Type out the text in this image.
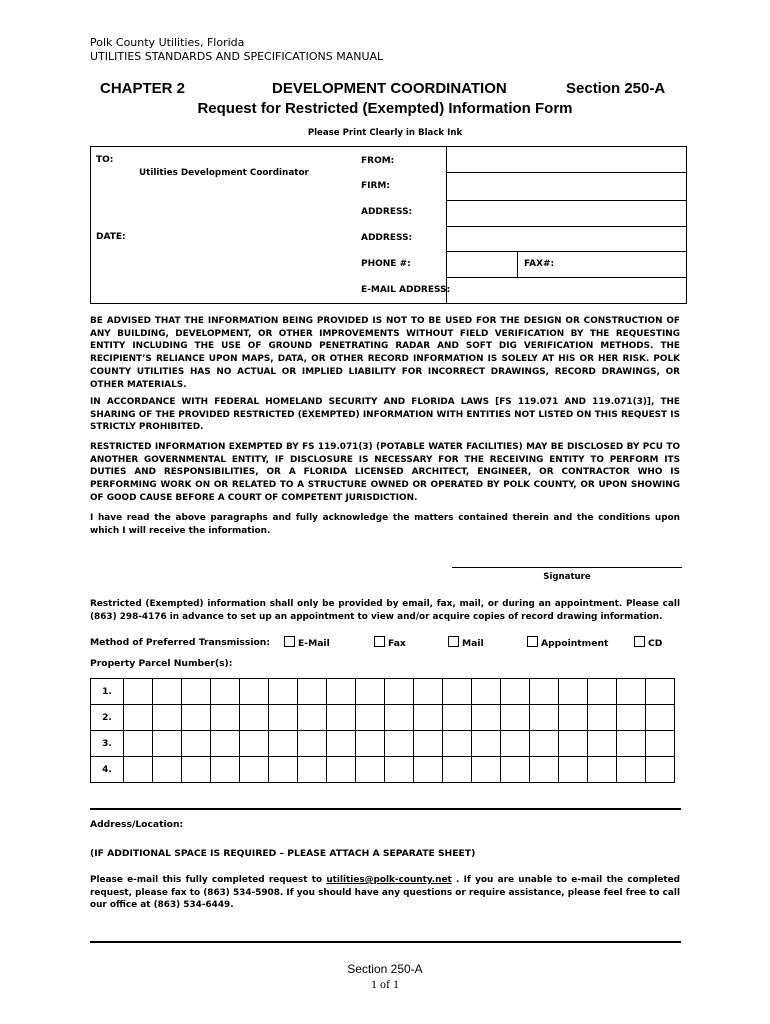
Polk County Utilities, Florida
UTILITIES STANDARDS AND SPECIFICATIONS MANUAL
CHAPTER 2	DEVELOPMENT COORDINATION	Section 250-A
Request for Restricted (Exempted) Information Form
Please Print Clearly in Black Ink
TO:
Utilities Development Coordinator
DATE:
FROM:
FIRM:
ADDRESS:
ADDRESS:
PHONE #:	FAX#:
E-MAIL ADDRESS:
BE ADVISED THAT THE INFORMATION BEING PROVIDED IS NOT TO BE USED FOR THE DESIGN OR CONSTRUCTION OF ANY BUILDING, DEVELOPMENT, OR OTHER IMPROVEMENTS WITHOUT FIELD VERIFICATION BY THE REQUESTING ENTITY INCLUDING THE USE OF GROUND PENETRATING RADAR AND SOFT DIG VERIFICATION METHODS. THE RECIPIENT’S RELIANCE UPON MAPS, DATA, OR OTHER RECORD INFORMATION IS SOLELY AT HIS OR HER RISK. POLK COUNTY UTILITIES HAS NO ACTUAL OR IMPLIED LIABILITY FOR INCORRECT DRAWINGS, RECORD DRAWINGS, OR OTHER MATERIALS.
IN ACCORDANCE WITH FEDERAL HOMELAND SECURITY AND FLORIDA LAWS [FS 119.071 AND 119.071(3)], THE SHARING OF THE PROVIDED RESTRICTED (EXEMPTED) INFORMATION WITH ENTITIES NOT LISTED ON THIS REQUEST IS STRICTLY PROHIBITED.
RESTRICTED INFORMATION EXEMPTED BY FS 119.071(3) (POTABLE WATER FACILITIES) MAY BE DISCLOSED BY PCU TO ANOTHER GOVERNMENTAL ENTITY, IF DISCLOSURE IS NECESSARY FOR THE RECEIVING ENTITY TO PERFORM ITS DUTIES AND RESPONSIBILITIES, OR A FLORIDA LICENSED ARCHITECT, ENGINEER, OR CONTRACTOR WHO IS PERFORMING WORK ON OR RELATED TO A STRUCTURE OWNED OR OPERATED BY POLK COUNTY, OR UPON SHOWING OF GOOD CAUSE BEFORE A COURT OF COMPETENT JURISDICTION.
I have read the above paragraphs and fully acknowledge the matters contained therein and the conditions upon which I will receive the information.
Signature
Restricted (Exempted) information shall only be provided by email, fax, mail, or during an appointment. Please call (863) 298-4176 in advance to set up an appointment to view and/or acquire copies of record drawing information.
Method of Preferred Transmission:	E-Mail	Fax	Mail	Appointment	CD
Property Parcel Number(s):
1.																			
2.																			
3.																			
4.																			
Address/Location:
(IF ADDITIONAL SPACE IS REQUIRED – PLEASE ATTACH A SEPARATE SHEET)
Please e-mail this fully completed request to utilities@polk-county.net . If you are unable to e-mail the completed request, please fax to (863) 534-5908. If you should have any questions or require assistance, please feel free to call our office at (863) 534-6449.
Section 250-A
1 of 1
